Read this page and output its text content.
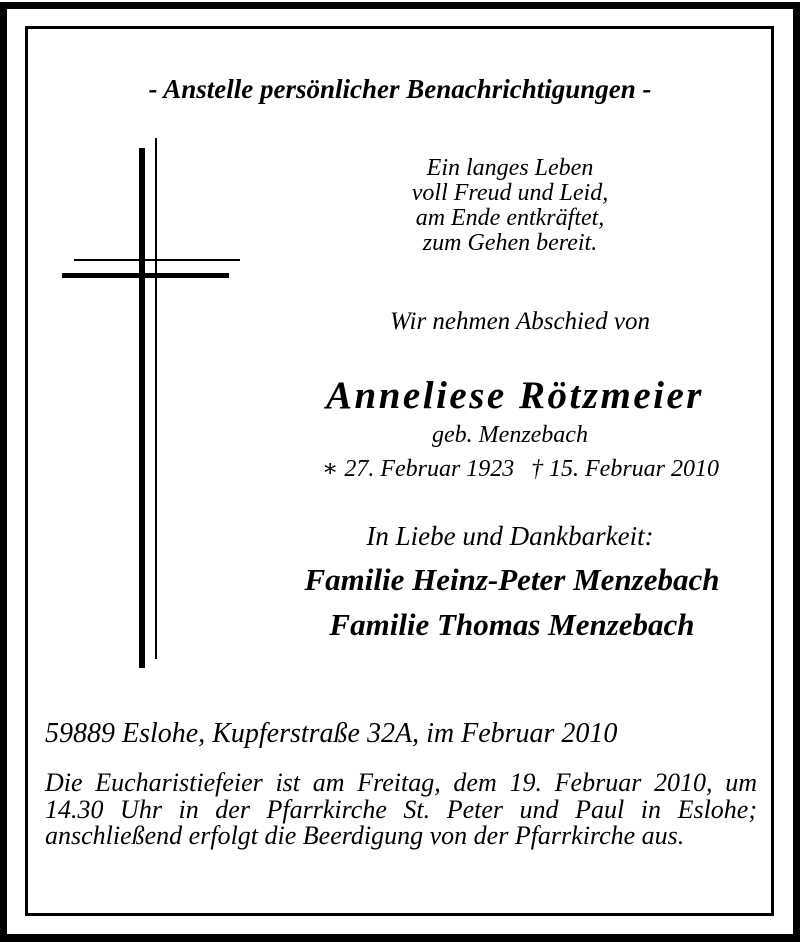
- Anstelle persönlicher Benachrichtigungen -
Ein langes Leben
voll Freud und Leid,
am Ende entkräftet,
zum Gehen bereit.
Wir nehmen Abschied von
Anneliese Rötzmeier
geb. Menzebach
∗ 27. Februar 1923 † 15. Februar 2010
In Liebe und Dankbarkeit:
Familie Heinz-Peter Menzebach
Familie Thomas Menzebach
59889 Eslohe, Kupferstraße 32A, im Februar 2010
Die Eucharistiefeier ist am Freitag, dem 19. Februar 2010, um 14.30 Uhr in der Pfarrkirche St. Peter und Paul in Eslohe; anschließend erfolgt die Beerdigung von der Pfarrkirche aus.
